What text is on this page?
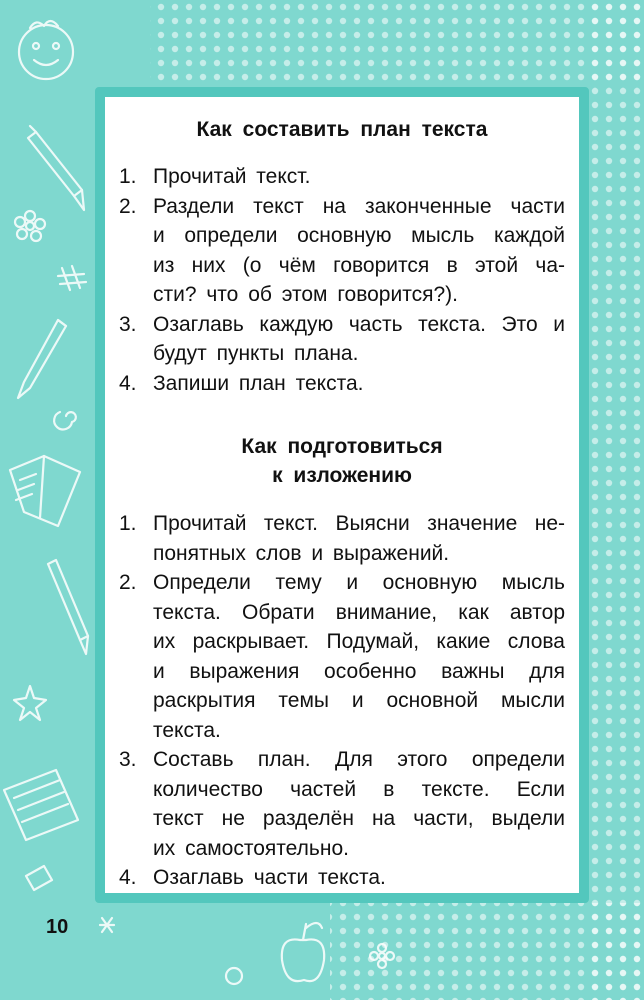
Как составить план текста
1. Прочитай текст.
2. Раздели текст на законченные части
и определи основную мысль каждой
из них (о чём говорится в этой ча-
сти? что об этом говорится?).
3. Озаглавь каждую часть текста. Это и
будут пункты плана.
4. Запиши план текста.
Как подготовиться
к изложению
1. Прочитай текст. Выясни значение не-
понятных слов и выражений.
2. Определи тему и основную мысль
текста. Обрати внимание, как автор
их раскрывает. Подумай, какие слова
и выражения особенно важны для
раскрытия темы и основной мысли
текста.
3. Составь план. Для этого определи
количество частей в тексте. Если
текст не разделён на части, выдели
их самостоятельно.
4. Озаглавь части текста.
10
